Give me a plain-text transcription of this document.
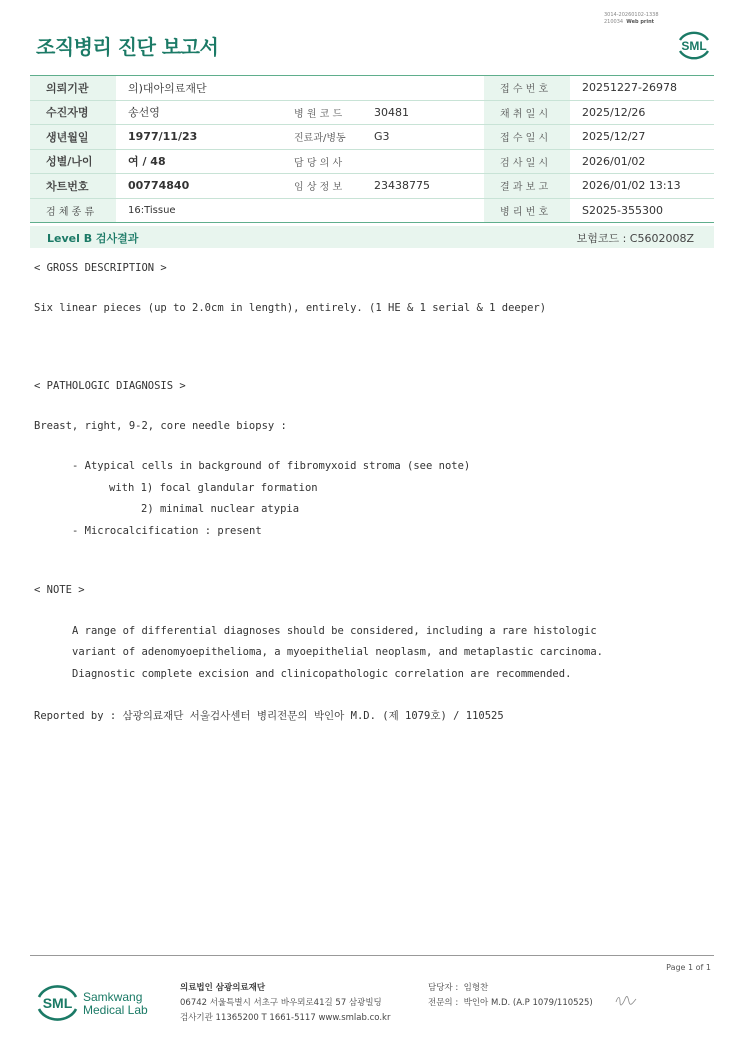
3014-20260102-1338
210034 Web print
조직병리 진단 보고서	SML
의뢰기관	의)대아의료재단			접 수 번 호	20251227-26978
수진자명	송선영	병 원 코 드	30481	채 취 일 시	2025/12/26
생년월일	1977/11/23	진료과/병동	G3	접 수 일 시	2025/12/27
성별/나이	여 / 48	담 당 의 사		검 사 일 시	2026/01/02
차트번호	00774840	임 상 정 보	23438775	결 과 보 고	2026/01/02 13:13
검 체 종 류	16:Tissue			병 리 번 호	S2025-355300
Level B 검사결과	보험코드 : C5602008Z
< GROSS DESCRIPTION >
Six linear pieces (up to 2.0cm in length), entirely. (1 HE & 1 serial & 1 deeper)
< PATHOLOGIC DIAGNOSIS >
Breast, right, 9-2, core needle biopsy :
- Atypical cells in background of fibromyxoid stroma (see note)
with 1) focal glandular formation
2) minimal nuclear atypia
- Microcalcification : present
< NOTE >
A range of differential diagnoses should be considered, including a rare histologic
variant of adenomyoepithelioma, a myoepithelial neoplasm, and metaplastic carcinoma.
Diagnostic complete excision and clinicopathologic correlation are recommended.
Reported by : 삼광의료재단 서울검사센터 병리전문의 박인아 M.D. (제 1079호) / 110525
Page 1 of 1
SML Samkwang
Medical Lab
의료법인 삼광의료재단
06742 서울특별시 서초구 바우뫼로41길 57 삼광빌딩
검사기관 11365200 T 1661-5117 www.smlab.co.kr
담당자 : 임형찬
전문의 : 박인아 M.D. (A.P 1079/110525)
